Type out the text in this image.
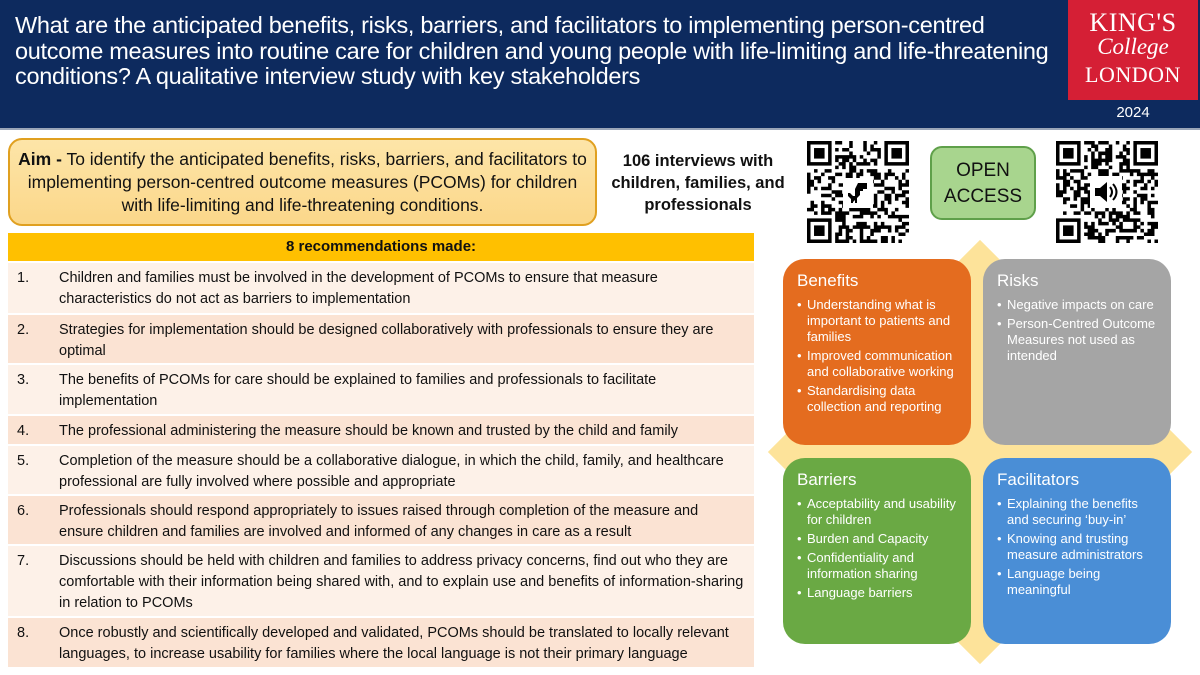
What are the anticipated benefits, risks, barriers, and facilitators to implementing person-centred outcome measures into routine care for children and young people with life-limiting and life-threatening conditions? A qualitative interview study with key stakeholders
KING'S
College
LONDON
2024
Aim - To identify the anticipated benefits, risks, barriers, and facilitators to implementing person-centred outcome measures (PCOMs) for children with life-limiting and life-threatening conditions.
106 interviews with children, families, and professionals
OPEN ACCESS
8 recommendations made:
1.	Children and families must be involved in the development of PCOMs to ensure that measure characteristics do not act as barriers to implementation
2.	Strategies for implementation should be designed collaboratively with professionals to ensure they are optimal
3.	The benefits of PCOMs for care should be explained to families and professionals to facilitate implementation
4.	The professional administering the measure should be known and trusted by the child and family
5.	Completion of the measure should be a collaborative dialogue, in which the child, family, and healthcare professional are fully involved where possible and appropriate
6.	Professionals should respond appropriately to issues raised through completion of the measure and ensure children and families are involved and informed of any changes in care as a result
7.	Discussions should be held with children and families to address privacy concerns, find out who they are comfortable with their information being shared with, and to explain use and benefits of information-sharing in relation to PCOMs
8.	Once robustly and scientifically developed and validated, PCOMs should be translated to locally relevant languages, to increase usability for families where the local language is not their primary language
Benefits
• Understanding what is important to patients and families
• Improved communication and collaborative working
• Standardising data collection and reporting
Risks
• Negative impacts on care
• Person-Centred Outcome Measures not used as intended
Barriers
• Acceptability and usability for children
• Burden and Capacity
• Confidentiality and information sharing
• Language barriers
Facilitators
• Explaining the benefits and securing ‘buy-in’
• Knowing and trusting measure administrators
• Language being meaningful
